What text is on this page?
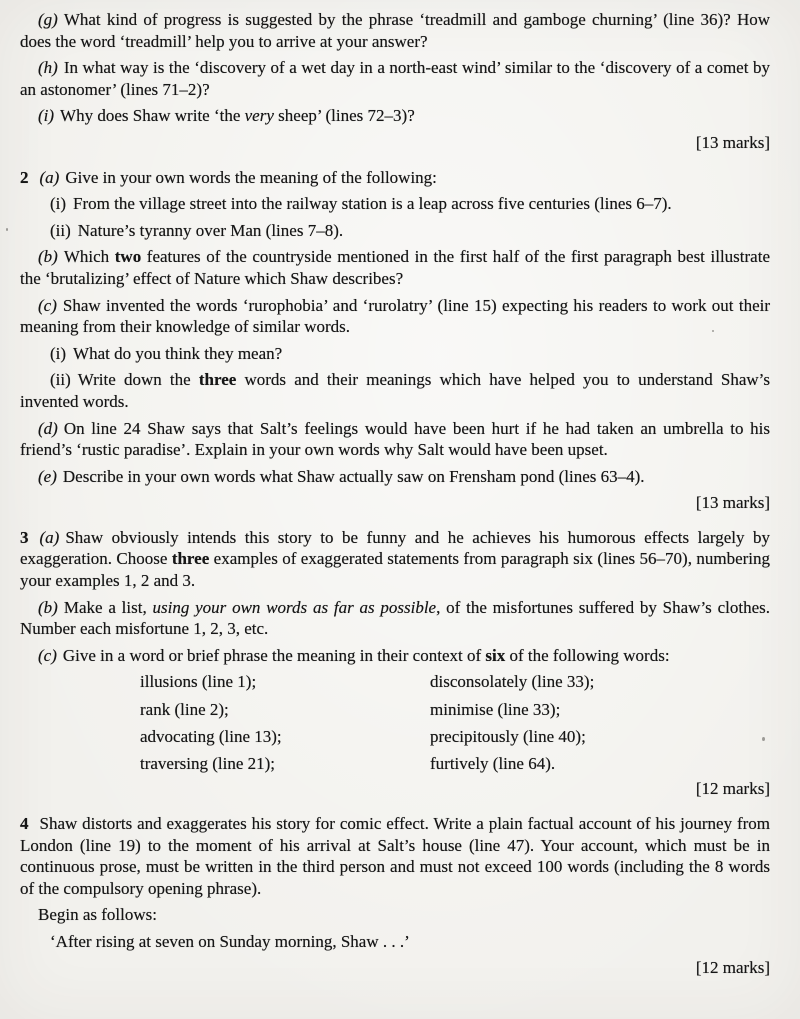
(g) What kind of progress is suggested by the phrase ‘treadmill and gamboge churning’ (line 36)? How does the word ‘treadmill’ help you to arrive at your answer?

(h) In what way is the ‘discovery of a wet day in a north-east wind’ similar to the ‘discovery of a comet by an astonomer’ (lines 71–2)?

(i) Why does Shaw write ‘the very sheep’ (lines 72–3)?

[13 marks]

2 (a) Give in your own words the meaning of the following:

(i) From the village street into the railway station is a leap across five centuries (lines 6–7).

(ii) Nature’s tyranny over Man (lines 7–8).

(b) Which two features of the countryside mentioned in the first half of the first paragraph best illustrate the ‘brutalizing’ effect of Nature which Shaw describes?

(c) Shaw invented the words ‘rurophobia’ and ‘rurolatry’ (line 15) expecting his readers to work out their meaning from their knowledge of similar words.

(i) What do you think they mean?

(ii) Write down the three words and their meanings which have helped you to understand Shaw’s invented words.

(d) On line 24 Shaw says that Salt’s feelings would have been hurt if he had taken an umbrella to his friend’s ‘rustic paradise’. Explain in your own words why Salt would have been upset.

(e) Describe in your own words what Shaw actually saw on Frensham pond (lines 63–4).

[13 marks]

3 (a) Shaw obviously intends this story to be funny and he achieves his humorous effects largely by exaggeration. Choose three examples of exaggerated statements from paragraph six (lines 56–70), numbering your examples 1, 2 and 3.

(b) Make a list, using your own words as far as possible, of the misfortunes suffered by Shaw’s clothes. Number each misfortune 1, 2, 3, etc.

(c) Give in a word or brief phrase the meaning in their context of six of the following words:

illusions (line 1);	disconsolately (line 33);
rank (line 2);	minimise (line 33);
advocating (line 13);	precipitously (line 40);
traversing (line 21);	furtively (line 64).

[12 marks]

4 Shaw distorts and exaggerates his story for comic effect. Write a plain factual account of his journey from London (line 19) to the moment of his arrival at Salt’s house (line 47). Your account, which must be in continuous prose, must be written in the third person and must not exceed 100 words (including the 8 words of the compulsory opening phrase).

Begin as follows:

‘After rising at seven on Sunday morning, Shaw . . .’

[12 marks]
